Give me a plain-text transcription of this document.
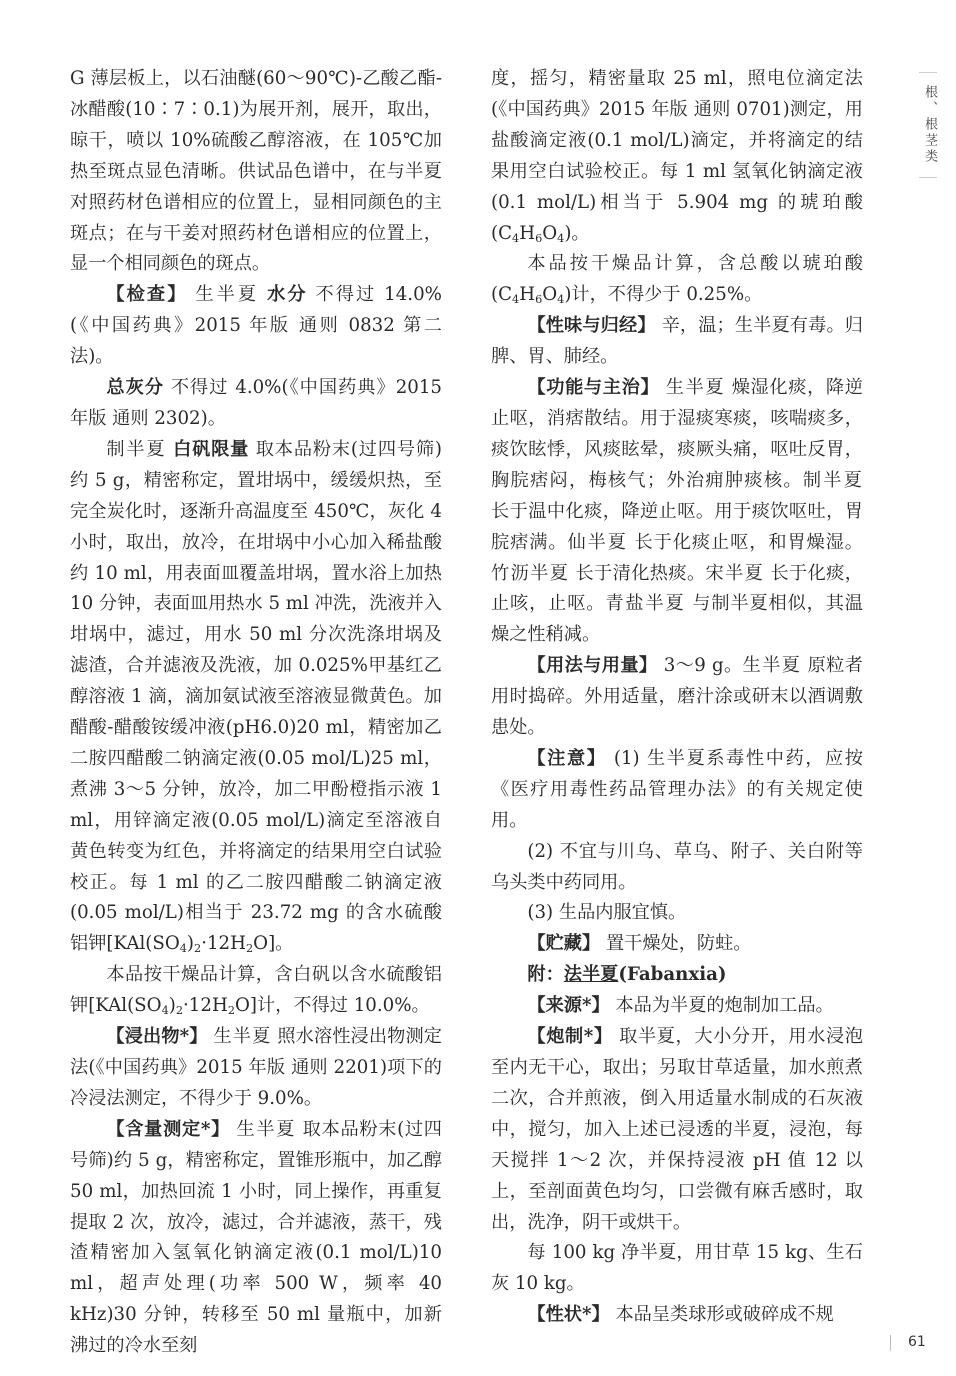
G 薄层板上，以石油醚(60～90℃)-乙酸乙酯-冰醋酸(10∶7∶0.1)为展开剂，展开，取出，晾干，喷以 10%硫酸乙醇溶液，在 105℃加热至斑点显色清晰。供试品色谱中，在与半夏对照药材色谱相应的位置上，显相同颜色的主斑点；在与干姜对照药材色谱相应的位置上，显一个相同颜色的斑点。

【检查】 生半夏 水分 不得过 14.0%(《中国药典》2015 年版 通则 0832 第二法)。

总灰分 不得过 4.0%(《中国药典》2015 年版 通则 2302)。

制半夏 白矾限量 取本品粉末(过四号筛)约 5 g，精密称定，置坩埚中，缓缓炽热，至完全炭化时，逐渐升高温度至 450℃，灰化 4 小时，取出，放冷，在坩埚中小心加入稀盐酸约 10 ml，用表面皿覆盖坩埚，置水浴上加热 10 分钟，表面皿用热水 5 ml 冲洗，洗液并入坩埚中，滤过，用水 50 ml 分次洗涤坩埚及滤渣，合并滤液及洗液，加 0.025%甲基红乙醇溶液 1 滴，滴加氨试液至溶液显微黄色。加醋酸-醋酸铵缓冲液(pH6.0)20 ml，精密加乙二胺四醋酸二钠滴定液(0.05 mol/L)25 ml，煮沸 3～5 分钟，放冷，加二甲酚橙指示液 1 ml，用锌滴定液(0.05 mol/L)滴定至溶液自黄色转变为红色，并将滴定的结果用空白试验校正。每 1 ml 的乙二胺四醋酸二钠滴定液(0.05 mol/L)相当于 23.72 mg 的含水硫酸铝钾$[KAl(SO_4)_2\cdot 12H_2O]$。

本品按干燥品计算，含白矾以含水硫酸铝钾$[KAl(SO_4)_2\cdot 12H_2O]$计，不得过 10.0%。

【浸出物*】 生半夏 照水溶性浸出物测定法(《中国药典》2015 年版 通则 2201)项下的冷浸法测定，不得少于 9.0%。

【含量测定*】 生半夏 取本品粉末(过四号筛)约 5 g，精密称定，置锥形瓶中，加乙醇 50 ml，加热回流 1 小时，同上操作，再重复提取 2 次，放冷，滤过，合并滤液，蒸干，残渣精密加入氢氧化钠滴定液(0.1 mol/L)10 ml，超声处理(功率 500 W，频率 40 kHz)30 分钟，转移至 50 ml 量瓶中，加新沸过的冷水至刻

度，摇匀，精密量取 25 ml，照电位滴定法(《中国药典》2015 年版 通则 0701)测定，用盐酸滴定液(0.1 mol/L)滴定，并将滴定的结果用空白试验校正。每 1 ml 氢氧化钠滴定液(0.1 mol/L)相当于 5.904 mg 的琥珀酸$(C_4H_6O_4)$。

本品按干燥品计算，含总酸以琥珀酸$(C_4H_6O_4)$计，不得少于 0.25%。

【性味与归经】 辛，温；生半夏有毒。归脾、胃、肺经。

【功能与主治】 生半夏 燥湿化痰，降逆止呕，消痞散结。用于湿痰寒痰，咳喘痰多，痰饮眩悸，风痰眩晕，痰厥头痛，呕吐反胃，胸脘痞闷，梅核气；外治痈肿痰核。制半夏 长于温中化痰，降逆止呕。用于痰饮呕吐，胃脘痞满。仙半夏 长于化痰止呕，和胃燥湿。竹沥半夏 长于清化热痰。宋半夏 长于化痰，止咳，止呕。青盐半夏 与制半夏相似，其温燥之性稍减。

【用法与用量】 3～9 g。生半夏 原粒者用时捣碎。外用适量，磨汁涂或研末以酒调敷患处。

【注意】 (1) 生半夏系毒性中药，应按《医疗用毒性药品管理办法》的有关规定使用。

(2) 不宜与川乌、草乌、附子、关白附等乌头类中药同用。

(3) 生品内服宜慎。

【贮藏】 置干燥处，防蛀。

附：法半夏(Fabanxia)

【来源*】 本品为半夏的炮制加工品。

【炮制*】 取半夏，大小分开，用水浸泡至内无干心，取出；另取甘草适量，加水煎煮二次，合并煎液，倒入用适量水制成的石灰液中，搅匀，加入上述已浸透的半夏，浸泡，每天搅拌 1～2 次，并保持浸液 pH 值 12 以上，至剖面黄色均匀，口尝微有麻舌感时，取出，洗净，阴干或烘干。

每 100 kg 净半夏，用甘草 15 kg、生石灰 10 kg。

【性状*】 本品呈类球形或破碎成不规

根、根茎类
61
